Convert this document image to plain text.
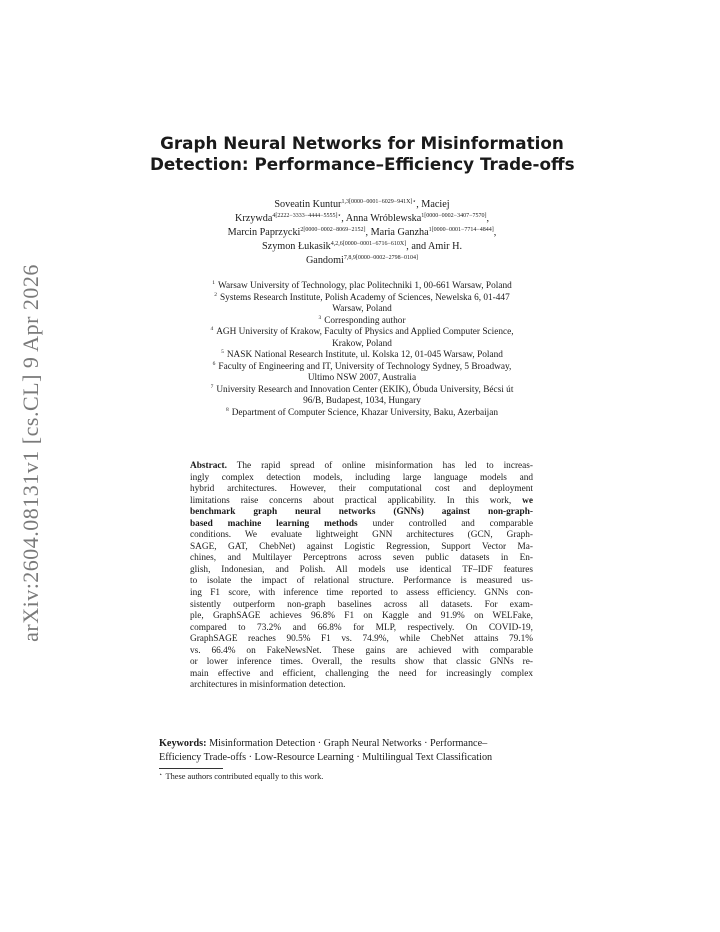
arXiv:2604.08131v1 [cs.CL] 9 Apr 2026
Graph Neural Networks for Misinformation
Detection: Performance–Efficiency Trade-offs
Soveatin Kuntur$^{1,3[0000-0001-6029-941X]⋆}$, Maciej
Krzywda$^{4[2222-3333-4444-5555]⋆}$, Anna Wróblewska$^{1[0000-0002-3407-7570]}$,
Marcin Paprzycki$^{2[0000-0002-8069-2152]}$, Maria Ganzha$^{1[0000-0001-7714-4844]}$,
Szymon Łukasik$^{4,2,6[0000-0001-6716-610X]}$, and Amir H.
Gandomi$^{7,8,9[0000-0002-2798-0104]}$
$^1$ Warsaw University of Technology, plac Politechniki 1, 00-661 Warsaw, Poland
$^2$ Systems Research Institute, Polish Academy of Sciences, Newelska 6, 01-447
Warsaw, Poland
$^3$ Corresponding author
$^4$ AGH University of Krakow, Faculty of Physics and Applied Computer Science,
Krakow, Poland
$^5$ NASK National Research Institute, ul. Kolska 12, 01-045 Warsaw, Poland
$^6$ Faculty of Engineering and IT, University of Technology Sydney, 5 Broadway,
Ultimo NSW 2007, Australia
$^7$ University Research and Innovation Center (EKIK), Óbuda University, Bécsi út
96/B, Budapest, 1034, Hungary
$^8$ Department of Computer Science, Khazar University, Baku, Azerbaijan
Abstract. The rapid spread of online misinformation has led to increas-
ingly complex detection models, including large language models and
hybrid architectures. However, their computational cost and deployment
limitations raise concerns about practical applicability. In this work, we
benchmark graph neural networks (GNNs) against non-graph-
based machine learning methods under controlled and comparable
conditions. We evaluate lightweight GNN architectures (GCN, Graph-
SAGE, GAT, ChebNet) against Logistic Regression, Support Vector Ma-
chines, and Multilayer Perceptrons across seven public datasets in En-
glish, Indonesian, and Polish. All models use identical TF–IDF features
to isolate the impact of relational structure. Performance is measured us-
ing F1 score, with inference time reported to assess efficiency. GNNs con-
sistently outperform non-graph baselines across all datasets. For exam-
ple, GraphSAGE achieves 96.8% F1 on Kaggle and 91.9% on WELFake,
compared to 73.2% and 66.8% for MLP, respectively. On COVID-19,
GraphSAGE reaches 90.5% F1 vs. 74.9%, while ChebNet attains 79.1%
vs. 66.4% on FakeNewsNet. These gains are achieved with comparable
or lower inference times. Overall, the results show that classic GNNs re-
main effective and efficient, challenging the need for increasingly complex
architectures in misinformation detection.
Keywords: Misinformation Detection · Graph Neural Networks · Performance–
Efficiency Trade-offs · Low-Resource Learning · Multilingual Text Classification
⋆ These authors contributed equally to this work.
